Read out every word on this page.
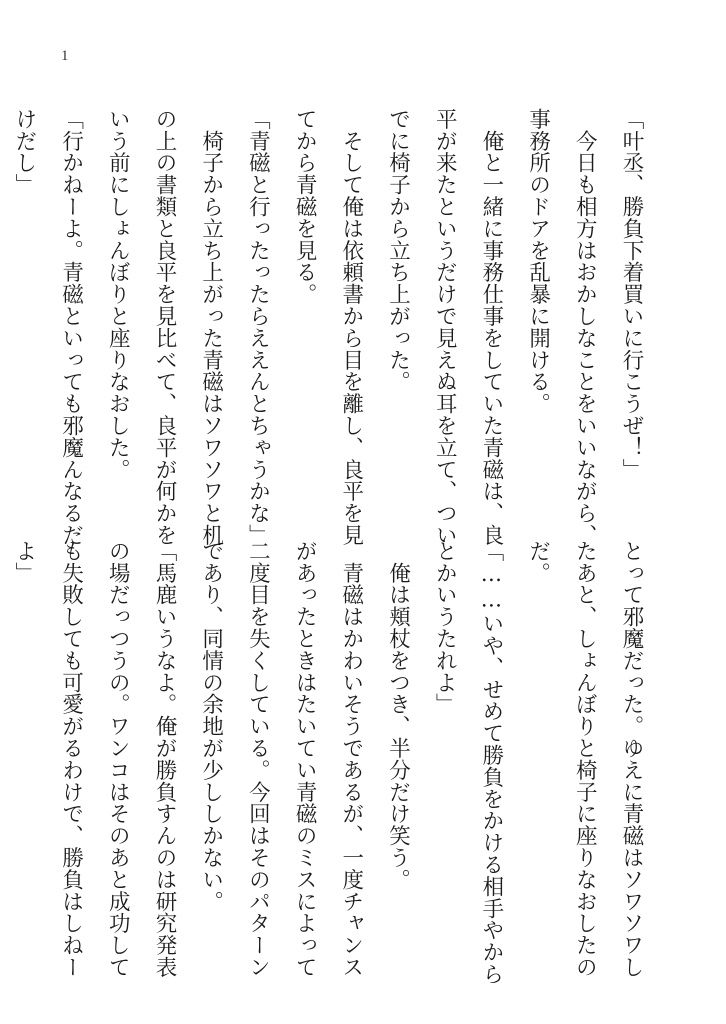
1
「叶丞、勝負下着買いに行こうぜ！」
　今日も相方はおかしなことをいいながら、
事務所のドアを乱暴に開ける。
　俺と一緒に事務仕事をしていた青磁は、良
平が来たというだけで見えぬ耳を立て、つい
でに椅子から立ち上がった。
　そして俺は依頼書から目を離し、良平を見
てから青磁を見る。
「青磁と行ったったらええんとちゃうかな」
　椅子から立ち上がった青磁はソワソワと机
の上の書類と良平を見比べて、良平が何かを
いう前にしょんぼりと座りなおした。
「行かねーよ。青磁といっても邪魔んなるだ
けだし」
とって邪魔だった。ゆえに青磁はソワソワし
たあと、しょんぼりと椅子に座りなおしたの
だ。
「……いや、せめて勝負をかける相手やから
とかいうたれよ」
　俺は頬杖をつき、半分だけ笑う。
　青磁はかわいそうであるが、一度チャンス
があったときはたいてい青磁のミスによって
二度目を失くしている。今回はそのパターン
であり、同情の余地が少ししかない。
「馬鹿いうなよ。俺が勝負すんのは研究発表
の場だっつうの。ワンコはそのあと成功して
も失敗しても可愛がるわけで、勝負はしねー
よ」
